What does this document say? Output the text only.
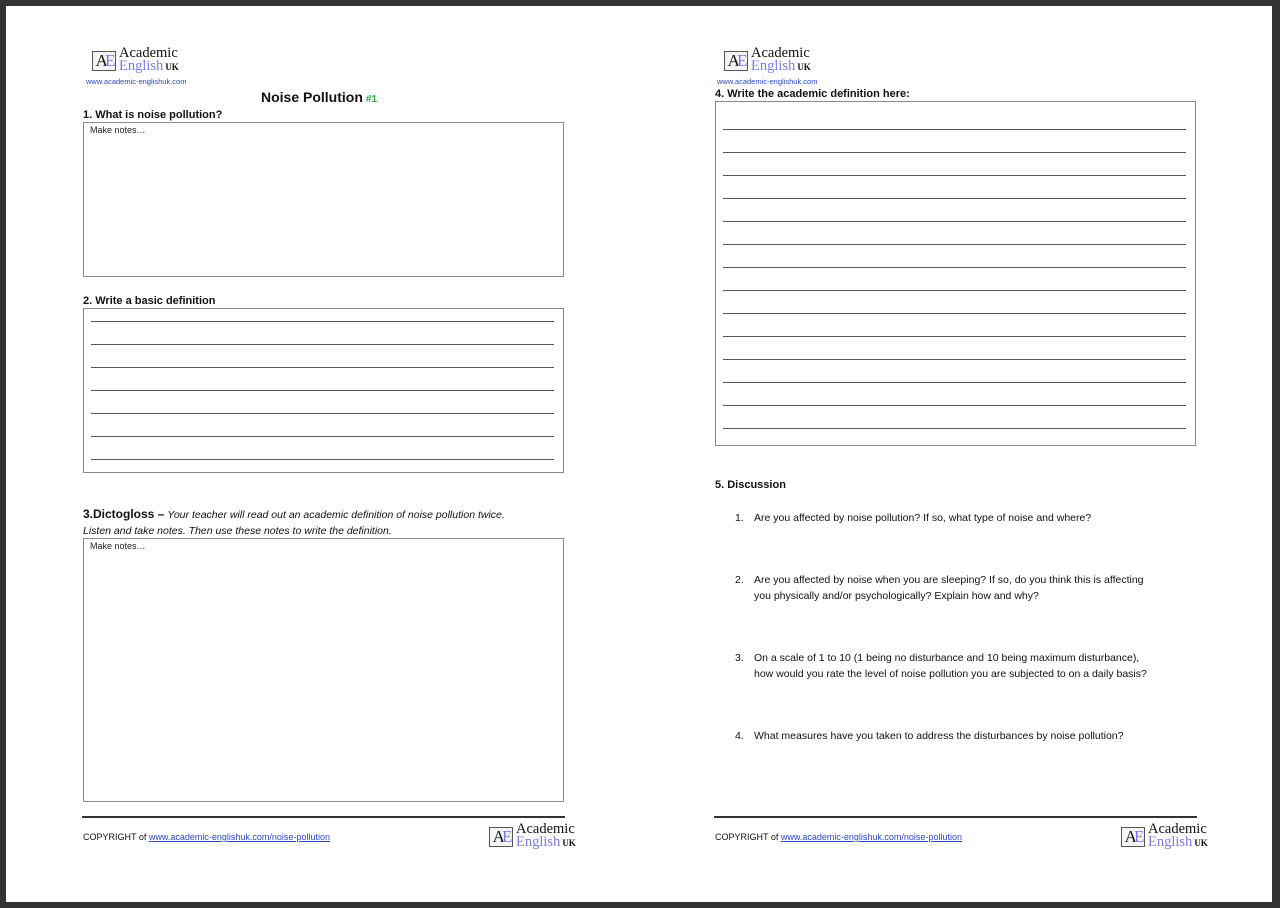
AE Academic
English UK
www.academic-englishuk.com
Noise Pollution #1
1. What is noise pollution?
Make notes…
2. Write a basic definition
3.Dictogloss – Your teacher will read out an academic definition of noise pollution twice.
Listen and take notes. Then use these notes to write the definition.
Make notes…
COPYRIGHT of www.academic-englishuk.com/noise-pollution	AE Academic
English UK
AE Academic
English UK
www.academic-englishuk.com
4. Write the academic definition here:
5. Discussion
1. Are you affected by noise pollution? If so, what type of noise and where?
2. Are you affected by noise when you are sleeping? If so, do you think this is affecting
you physically and/or psychologically? Explain how and why?
3. On a scale of 1 to 10 (1 being no disturbance and 10 being maximum disturbance),
how would you rate the level of noise pollution you are subjected to on a daily basis?
4. What measures have you taken to address the disturbances by noise pollution?
COPYRIGHT of www.academic-englishuk.com/noise-pollution	AE Academic
English UK
